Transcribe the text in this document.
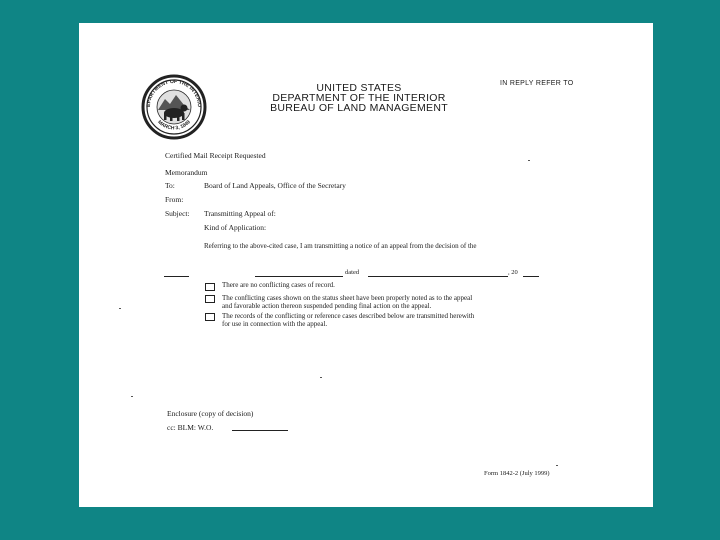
EPARTMENT OF THE INTERIO
MARCH 3, 1849
UNITED STATES
DEPARTMENT OF THE INTERIOR
BUREAU OF LAND MANAGEMENT
IN REPLY REFER TO
Certified Mail Receipt Requested
Memorandum
To:	Board of Land Appeals, Office of the Secretary
From:
Subject: Transmitting Appeal of:
Kind of Application:
Referring to the above-cited case, I am transmitting a notice of an appeal from the decision of the
dated	, 20
There are no conflicting cases of record.
The conflicting cases shown on the status sheet have been properly noted as to the appeal
and favorable action thereon suspended pending final action on the appeal.
The records of the conflicting or reference cases described below are transmitted herewith
for use in connection with the appeal.
Enclosure (copy of decision)
cc: BLM: W.O.
Form 1842-2 (July 1999)
